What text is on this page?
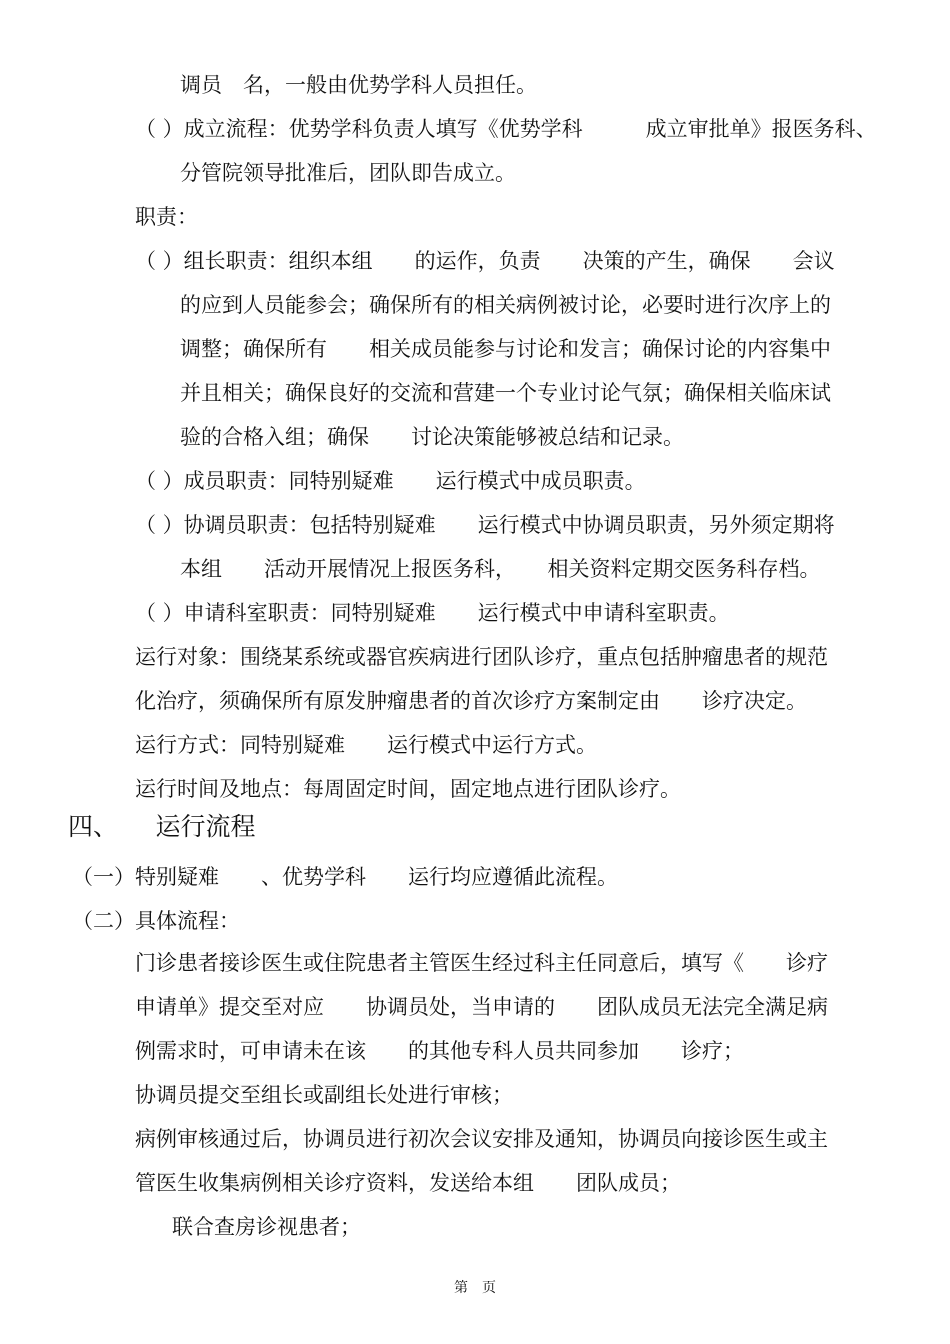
调员　名，一般由优势学科人员担任。
（ ）成立流程：优势学科负责人填写《优势学科　　　成立审批单》报医务科、
分管院领导批准后，团队即告成立。
职责：
（ ）组长职责：组织本组　　的运作，负责　　决策的产生，确保　　会议
的应到人员能参会；确保所有的相关病例被讨论，必要时进行次序上的
调整；确保所有　　相关成员能参与讨论和发言；确保讨论的内容集中
并且相关；确保良好的交流和营建一个专业讨论气氛；确保相关临床试
验的合格入组；确保　　讨论决策能够被总结和记录。
（ ）成员职责：同特别疑难　　运行模式中成员职责。
（ ）协调员职责：包括特别疑难　　运行模式中协调员职责，另外须定期将
本组　　活动开展情况上报医务科，　　相关资料定期交医务科存档。
（ ）申请科室职责：同特别疑难　　运行模式中申请科室职责。
运行对象：围绕某系统或器官疾病进行团队诊疗，重点包括肿瘤患者的规范
化治疗，须确保所有原发肿瘤患者的首次诊疗方案制定由　　诊疗决定。
运行方式：同特别疑难　　运行模式中运行方式。
运行时间及地点：每周固定时间，固定地点进行团队诊疗。
四、　　运行流程
（一）特别疑难　　、优势学科　　运行均应遵循此流程。
（二）具体流程：
门诊患者接诊医生或住院患者主管医生经过科主任同意后，填写《　　诊疗
申请单》提交至对应　　协调员处，当申请的　　团队成员无法完全满足病
例需求时，可申请未在该　　的其他专科人员共同参加　　诊疗；
协调员提交至组长或副组长处进行审核；
病例审核通过后，协调员进行初次会议安排及通知，协调员向接诊医生或主
管医生收集病例相关诊疗资料，发送给本组　　团队成员；
联合查房诊视患者；
第　页
